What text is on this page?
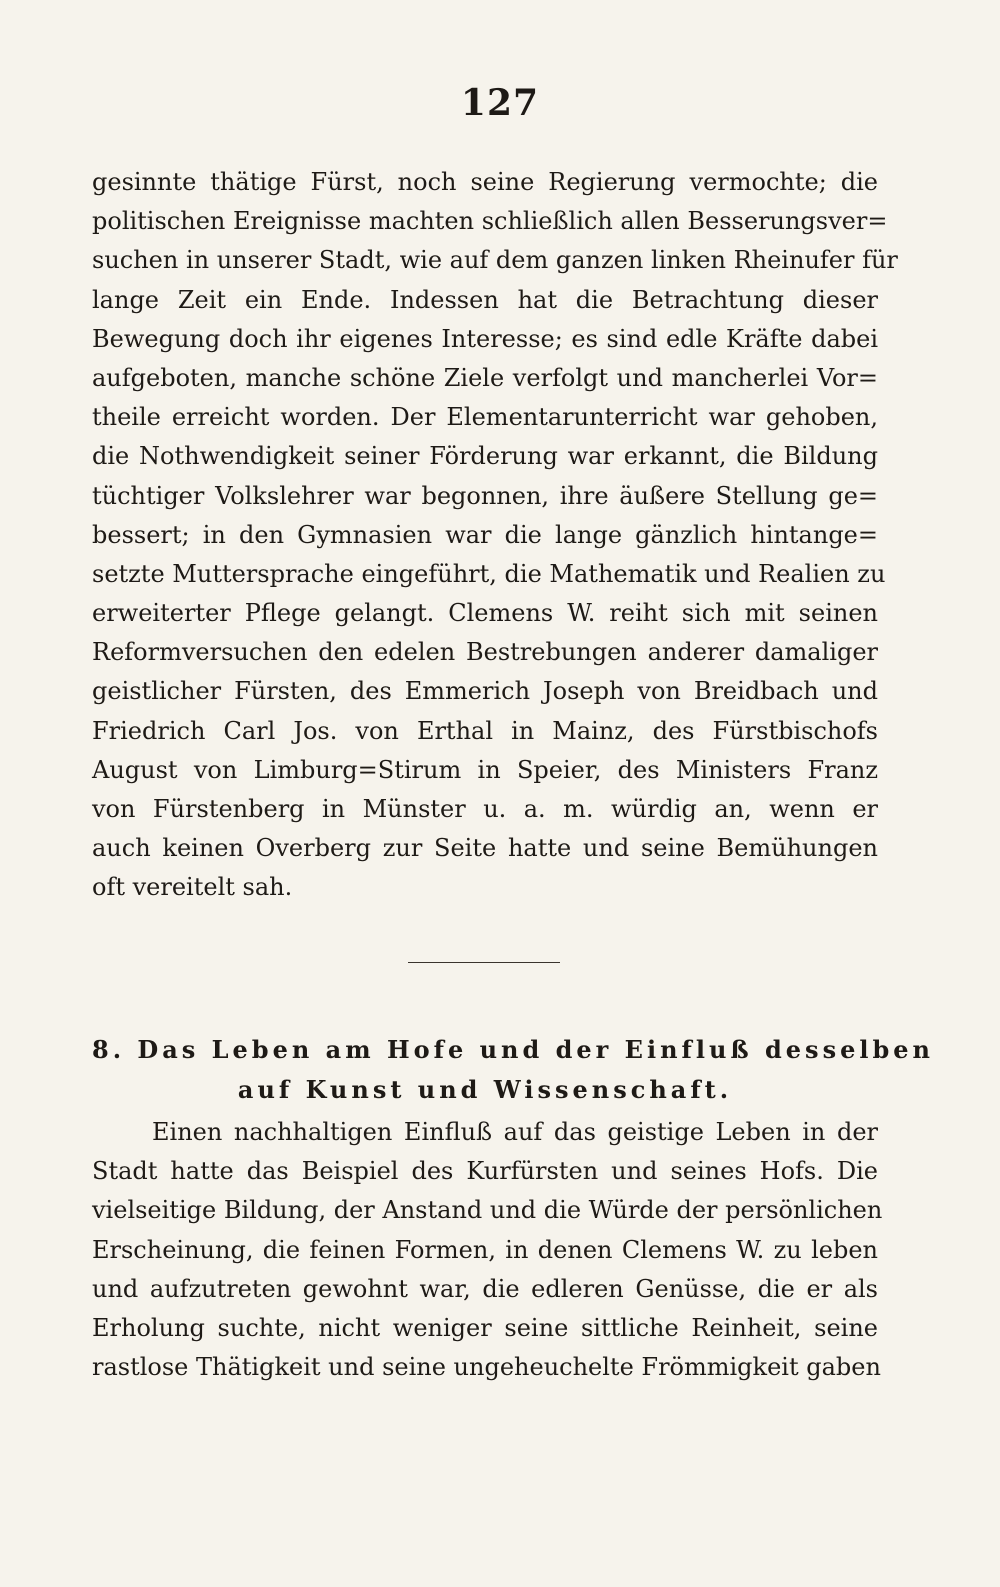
127
gesinnte thätige Fürst, noch seine Regierung vermochte; die
politischen Ereignisse machten schließlich allen Besserungsver=
suchen in unserer Stadt, wie auf dem ganzen linken Rheinufer für
lange Zeit ein Ende. Indessen hat die Betrachtung dieser
Bewegung doch ihr eigenes Interesse; es sind edle Kräfte dabei
aufgeboten, manche schöne Ziele verfolgt und mancherlei Vor=
theile erreicht worden. Der Elementarunterricht war gehoben,
die Nothwendigkeit seiner Förderung war erkannt, die Bildung
tüchtiger Volkslehrer war begonnen, ihre äußere Stellung ge=
bessert; in den Gymnasien war die lange gänzlich hintange=
setzte Muttersprache eingeführt, die Mathematik und Realien zu
erweiterter Pflege gelangt. Clemens W. reiht sich mit seinen
Reformversuchen den edelen Bestrebungen anderer damaliger
geistlicher Fürsten, des Emmerich Joseph von Breidbach und
Friedrich Carl Jos. von Erthal in Mainz, des Fürstbischofs
August von Limburg=Stirum in Speier, des Ministers Franz
von Fürstenberg in Münster u. a. m. würdig an, wenn er
auch keinen Overberg zur Seite hatte und seine Bemühungen
oft vereitelt sah.
8. Das Leben am Hofe und der Einfluß desselben
auf Kunst und Wissenschaft.
Einen nachhaltigen Einfluß auf das geistige Leben in der
Stadt hatte das Beispiel des Kurfürsten und seines Hofs. Die
vielseitige Bildung, der Anstand und die Würde der persönlichen
Erscheinung, die feinen Formen, in denen Clemens W. zu leben
und aufzutreten gewohnt war, die edleren Genüsse, die er als
Erholung suchte, nicht weniger seine sittliche Reinheit, seine
rastlose Thätigkeit und seine ungeheuchelte Frömmigkeit gaben
